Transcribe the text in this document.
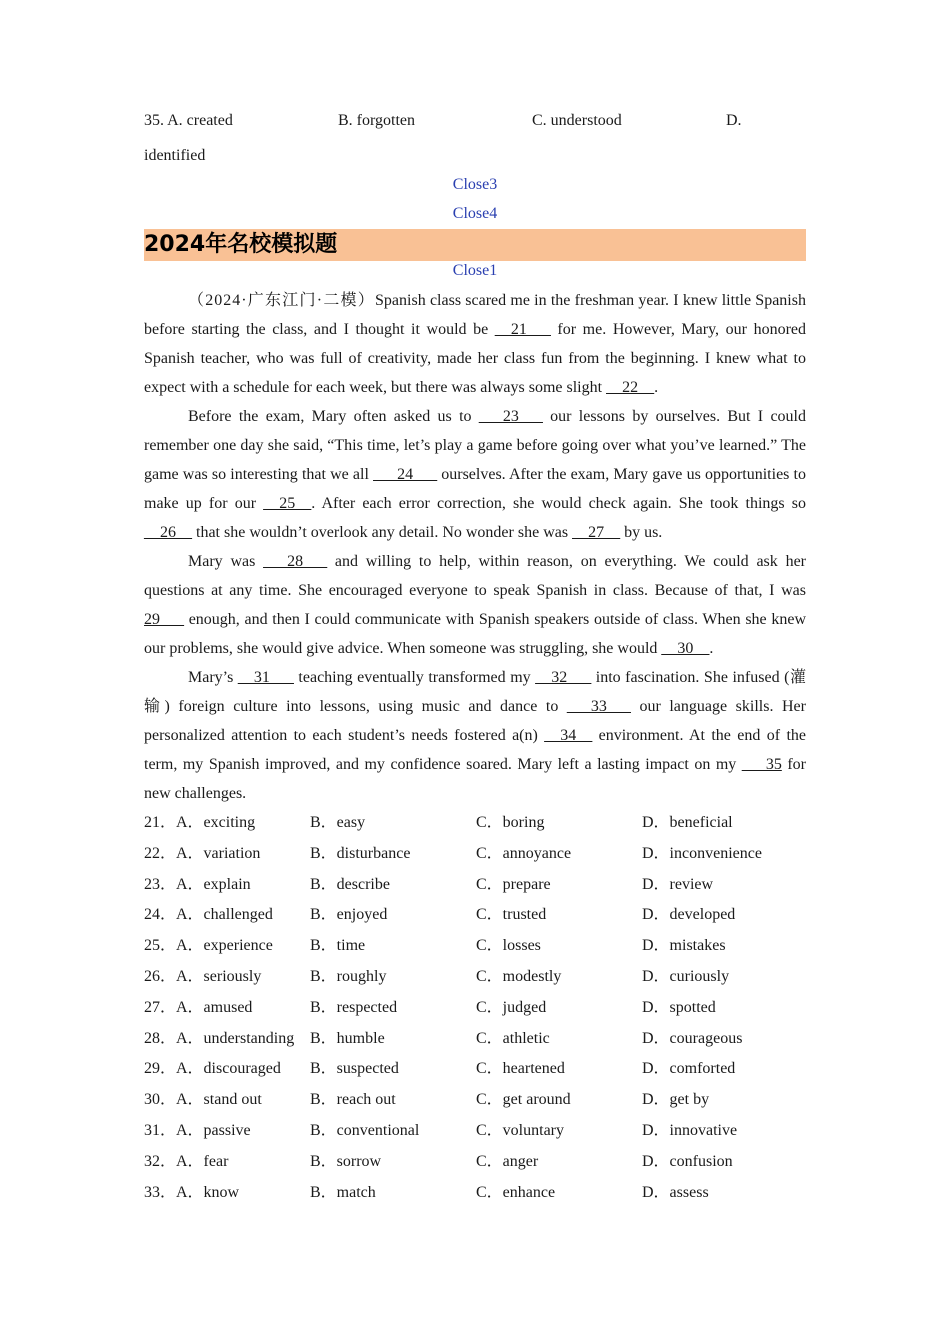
35. A. created	B. forgotten	C. understood	D.
identified
Close3
Close4
2024年名校模拟题
Close1

（2024·广东江门·二模）Spanish class scared me in the freshman year. I knew little Spanish before starting the class, and I thought it would be __21___ for me. However, Mary, our honored Spanish teacher, who was full of creativity, made her class fun from the beginning. I knew what to expect with a schedule for each week, but there was always some slight __22__.

Before the exam, Mary often asked us to ___23___ our lessons by ourselves. But I could remember one day she said, “This time, let’s play a game before going over what you’ve learned.” The game was so interesting that we all ___24___ ourselves. After the exam, Mary gave us opportunities to make up for our __25__. After each error correction, she would check again. She took things so __26__ that she wouldn’t overlook any detail. No wonder she was __27__ by us.

Mary was ___28___ and willing to help, within reason, on everything. We could ask her questions at any time. She encouraged everyone to speak Spanish in class. Because of that, I was 29___ enough, and then I could communicate with Spanish speakers outside of class. When she knew our problems, she would give advice. When someone was struggling, she would __30__.

Mary’s __31___ teaching eventually transformed my __32___ into fascination. She infused (灌输) foreign culture into lessons, using music and dance to ___33___ our language skills. Her personalized attention to each student’s needs fostered a(n) __34__ environment. At the end of the term, my Spanish improved, and my confidence soared. Mary left a lasting impact on my ___35 for new challenges.

21．A．exciting	B．easy	C．boring	D．beneficial
22．A．variation	B．disturbance	C．annoyance	D．inconvenience
23．A．explain	B．describe	C．prepare	D．review
24．A．challenged	B．enjoyed	C．trusted	D．developed
25．A．experience	B．time	C．losses	D．mistakes
26．A．seriously	B．roughly	C．modestly	D．curiously
27．A．amused	B．respected	C．judged	D．spotted
28．A．understanding	B．humble	C．athletic	D．courageous
29．A．discouraged	B．suspected	C．heartened	D．comforted
30．A．stand out	B．reach out	C．get around	D．get by
31．A．passive	B．conventional	C．voluntary	D．innovative
32．A．fear	B．sorrow	C．anger	D．confusion
33．A．know	B．match	C．enhance	D．assess
